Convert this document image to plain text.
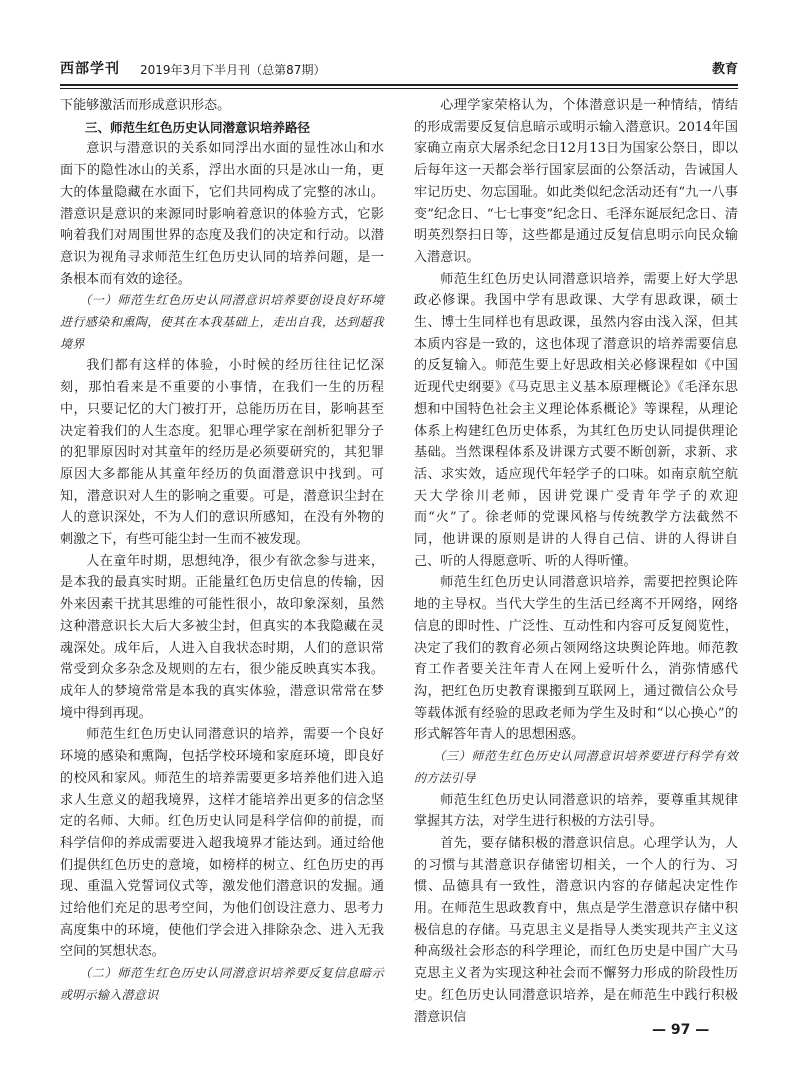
西部学刊 2019年3月下半月刊（总第87期）	教育

下能够激活而形成意识形态。

三、师范生红色历史认同潜意识培养路径

意识与潜意识的关系如同浮出水面的显性冰山和水面下的隐性冰山的关系，浮出水面的只是冰山一角，更大的体量隐藏在水面下，它们共同构成了完整的冰山。潜意识是意识的来源同时影响着意识的体验方式，它影响着我们对周围世界的态度及我们的决定和行动。以潜意识为视角寻求师范生红色历史认同的培养问题，是一条根本而有效的途径。

（一）师范生红色历史认同潜意识培养要创设良好环境进行感染和熏陶，使其在本我基础上，走出自我，达到超我境界

我们都有这样的体验，小时候的经历往往记忆深刻，那怕看来是不重要的小事情，在我们一生的历程中，只要记忆的大门被打开，总能历历在目，影响甚至决定着我们的人生态度。犯罪心理学家在剖析犯罪分子的犯罪原因时对其童年的经历是必须要研究的，其犯罪原因大多都能从其童年经历的负面潜意识中找到。可知，潜意识对人生的影响之重要。可是，潜意识尘封在人的意识深处，不为人们的意识所感知，在没有外物的刺激之下，有些可能尘封一生而不被发现。

人在童年时期，思想纯净，很少有欲念参与进来，是本我的最真实时期。正能量红色历史信息的传输，因外来因素干扰其思维的可能性很小，故印象深刻，虽然这种潜意识长大后大多被尘封，但真实的本我隐藏在灵魂深处。成年后，人进入自我状态时期，人们的意识常常受到众多杂念及规则的左右，很少能反映真实本我。成年人的梦境常常是本我的真实体验，潜意识常常在梦境中得到再现。

师范生红色历史认同潜意识的培养，需要一个良好环境的感染和熏陶，包括学校环境和家庭环境，即良好的校风和家风。师范生的培养需要更多培养他们进入追求人生意义的超我境界，这样才能培养出更多的信念坚定的名师、大师。红色历史认同是科学信仰的前提，而科学信仰的养成需要进入超我境界才能达到。通过给他们提供红色历史的意境，如榜样的树立、红色历史的再现、重温入党誓词仪式等，激发他们潜意识的发掘。通过给他们充足的思考空间，为他们创设注意力、思考力高度集中的环境，使他们学会进入排除杂念、进入无我空间的冥想状态。

（二）师范生红色历史认同潜意识培养要反复信息暗示或明示输入潜意识

心理学家荣格认为，个体潜意识是一种情结，情结的形成需要反复信息暗示或明示输入潜意识。2014年国家确立南京大屠杀纪念日12月13日为国家公祭日，即以后每年这一天都会举行国家层面的公祭活动，告诫国人牢记历史、勿忘国耻。如此类似纪念活动还有“九一八事变”纪念日、“七七事变”纪念日、毛泽东诞辰纪念日、清明英烈祭扫日等，这些都是通过反复信息明示向民众输入潜意识。

师范生红色历史认同潜意识培养，需要上好大学思政必修课。我国中学有思政课、大学有思政课，硕士生、博士生同样也有思政课，虽然内容由浅入深，但其本质内容是一致的，这也体现了潜意识的培养需要信息的反复输入。师范生要上好思政相关必修课程如《中国近现代史纲要》《马克思主义基本原理概论》《毛泽东思想和中国特色社会主义理论体系概论》等课程，从理论体系上构建红色历史体系，为其红色历史认同提供理论基础。当然课程体系及讲课方式要不断创新，求新、求活、求实效，适应现代年轻学子的口味。如南京航空航天大学徐川老师，因讲党课广受青年学子的欢迎而“火”了。徐老师的党课风格与传统教学方法截然不同，他讲课的原则是讲的人得自己信、讲的人得讲自己、听的人得愿意听、听的人得听懂。

师范生红色历史认同潜意识培养，需要把控舆论阵地的主导权。当代大学生的生活已经离不开网络，网络信息的即时性、广泛性、互动性和内容可反复阅览性，决定了我们的教育必须占领网络这块舆论阵地。师范教育工作者要关注年青人在网上爱听什么，消弥情感代沟，把红色历史教育课搬到互联网上，通过微信公众号等载体派有经验的思政老师为学生及时和“以心换心”的形式解答年青人的思想困惑。

（三）师范生红色历史认同潜意识培养要进行科学有效的方法引导

师范生红色历史认同潜意识的培养，要尊重其规律掌握其方法，对学生进行积极的方法引导。

首先，要存储积极的潜意识信息。心理学认为，人的习惯与其潜意识存储密切相关，一个人的行为、习惯、品德具有一致性，潜意识内容的存储起决定性作用。在师范生思政教育中，焦点是学生潜意识存储中积极信息的存储。马克思主义是指导人类实现共产主义这种高级社会形态的科学理论，而红色历史是中国广大马克思主义者为实现这种社会而不懈努力形成的阶段性历史。红色历史认同潜意识培养，是在师范生中践行积极潜意识信

— 97 —
